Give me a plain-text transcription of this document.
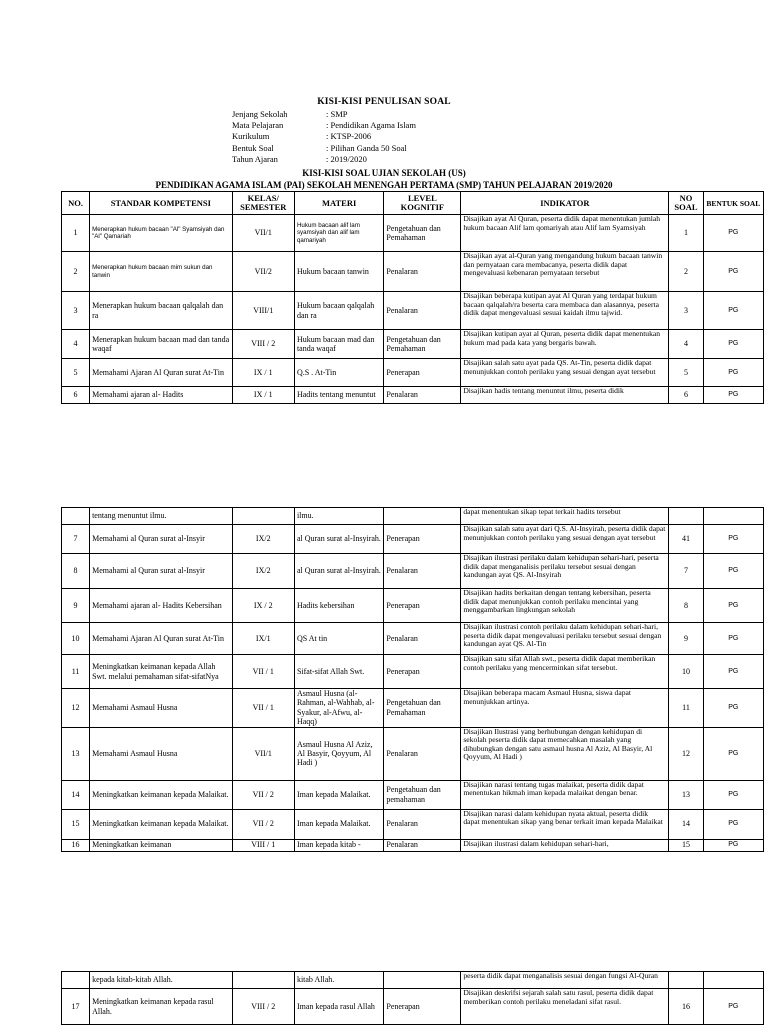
KISI-KISI PENULISAN SOAL
Jenjang Sekolah	: SMP
Mata Pelajaran	: Pendidikan Agama Islam
Kurikulum	: KTSP-2006
Bentuk Soal	: Pilihan Ganda 50 Soal
Tahun Ajaran	: 2019/2020
KISI-KISI SOAL UJIAN SEKOLAH (US)
PENDIDIKAN AGAMA ISLAM (PAI) SEKOLAH MENENGAH PERTAMA (SMP) TAHUN PELAJARAN 2019/2020
NO.	STANDAR KOMPETENSI	KELAS/ SEMESTER	MATERI	LEVEL KOGNITIF	INDIKATOR	NO SOAL	BENTUK SOAL
1	Menerapkan hukum bacaan "Al" Syamsiyah dan "Al" Qamariah	VII/1	Hukum bacaan alif lam syamsiyah dan alif lam qamariyah	Pengetahuan dan Pemahaman	Disajikan ayat Al Quran, peserta didik dapat menentukan jumlah hukum bacaan Alif lam qomariyah atau Alif lam Syamsiyah	1	PG
2	Menerapkan hukum bacaan mim sukun dan tanwin	VII/2	Hukum bacaan tanwin	Penalaran	Disajikan ayat al-Quran yang mengandung hukum bacaan tanwin dan pernyataan cara membacanya, peserta didik dapat mengevaluasi kebenaran pernyataan tersebut	2	PG
3	Menerapkan hukum bacaan qalqalah dan ra	VIII/1	Hukum bacaan qalqalah dan ra	Penalaran	Disajikan beberapa kutipan ayat Al Quran yang terdapat hukum bacaan qalqalah/ra beserta cara membaca dan alasannya, peserta didik dapat mengevaluasi sesuai kaidah ilmu tajwid.	3	PG
4	Menerapkan hukum bacaan mad dan tanda waqaf	VIII / 2	Hukum bacaan mad dan tanda waqaf	Pengetahuan dan Pemahaman	Disajikan kutipan ayat al Quran, peserta didik dapat menentukan hukum mad pada kata yang bergaris bawah.	4	PG
5	Memahami Ajaran Al Quran surat At-Tin	IX / 1	Q.S . At-Tin	Penerapan	Disajikan salah satu ayat pada QS. At-Tin, peserta didik dapat menunjukkan contoh perilaku yang sesuai dengan ayat tersebut	5	PG
6	Memahami ajaran al- Hadits	IX / 1	Hadits tentang menuntut	Penalaran	Disajikan hadis tentang menuntut ilmu, peserta didik	6	PG
	tentang menuntut ilmu.		ilmu.		dapat menentukan sikap tepat terkait hadits tersebut		
7	Memahami al Quran surat al-Insyir	IX/2	al Quran surat al-Insyirah.	Penerapan	Disajikan salah satu ayat dari Q.S. Al-Insyirah, peserta didik dapat menunjukkan contoh perilaku yang sesuai dengan ayat tersebut	41	PG
8	Memahami al Quran surat al-Insyir	IX/2	al Quran surat al-Insyirah.	Penalaran	Disajikan ilustrasi perilaku dalam kehidupan sehari-hari, peserta didik dapat menganalisis perilaku tersebut sesuai dengan kandungan ayat QS. Al-Insyirah	7	PG
9	Memahami ajaran al- Hadits Kebersihan	IX / 2	Hadits kebersihan	Penerapan	Disajikan hadits berkaitan dengan tentang kebersihan, peserta didik dapat menunjukkan contoh perilaku mencintai yang menggambarkan lingkungan sekolah	8	PG
10	Memahami Ajaran Al Quran surat At-Tin	IX/1	QS At tin	Penalaran	Disajikan ilustrasi contoh perilaku dalam kehidupan sehari-hari, peserta didik dapat mengevaluasi perilaku tersebut sesuai dengan kandungan ayat QS. Al-Tin	9	PG
11	Meningkatkan keimanan kepada Allah Swt. melalui pemahaman sifat-sifatNya	VII / 1	Sifat-sifat Allah Swt.	Penerapan	Disajikan satu sifat Allah swt., peserta didik dapat memberikan contoh perilaku yang mencerminkan sifat tersebut.	10	PG
12	Memahami Asmaul Husna	VII / 1	Asmaul Husna (al-Rahman, al-Wahhab, al-Syakur, al-Afwu, al-Haqq)	Pengetahuan dan Pemahaman	Disajikan beberapa macam Asmaul Husna, siswa dapat menunjukkan artinya.	11	PG
13	Memahami Asmaul Husna	VII/1	Asmaul Husna Al Aziz, Al Basyir, Qoyyum, Al Hadi )	Penalaran	Disajikan Ilustrasi yang berhubungan dengan kehidupan di sekolah peserta didik dapat memecahkan masalah yang dihubungkan dengan satu asmaul husna Al Aziz, Al Basyir, Al Qoyyum, Al Hadi )	12	PG
14	Meningkatkan keimanan kepada Malaikat.	VII / 2	Iman kepada Malaikat.	Pengetahuan dan pemahaman	Disajikan narasi tentang tugas malaikat, peserta didik dapat menentukan hikmah iman kepada malaikat dengan benar.	13	PG
15	Meningkatkan keimanan kepada Malaikat.	VII / 2	Iman kepada Malaikat.	Penalaran	Disajikan narasi dalam kehidupan nyata aktual, peserta didik dapat menentukan sikap yang benar terkait iman kepada Malaikat	14	PG
16	Meningkatkan keimanan	VIII / 1	Iman kepada kitab -	Penalaran	Disajikan ilustrasi dalam kehidupan sehari-hari,	15	PG
	kepada kitab-kitab Allah.		kitab Allah.		peserta didik dapat menganalisis sesuai dengan fungsi Al-Quran		
17	Meningkatkan keimanan kepada rasul Allah.	VIII / 2	Iman kepada rasul Allah	Penerapan	Disajikan deskrifsi sejarah salah satu rasul, peserta didik dapat memberikan contoh perilaku meneladani sifat rasul.	16	PG
